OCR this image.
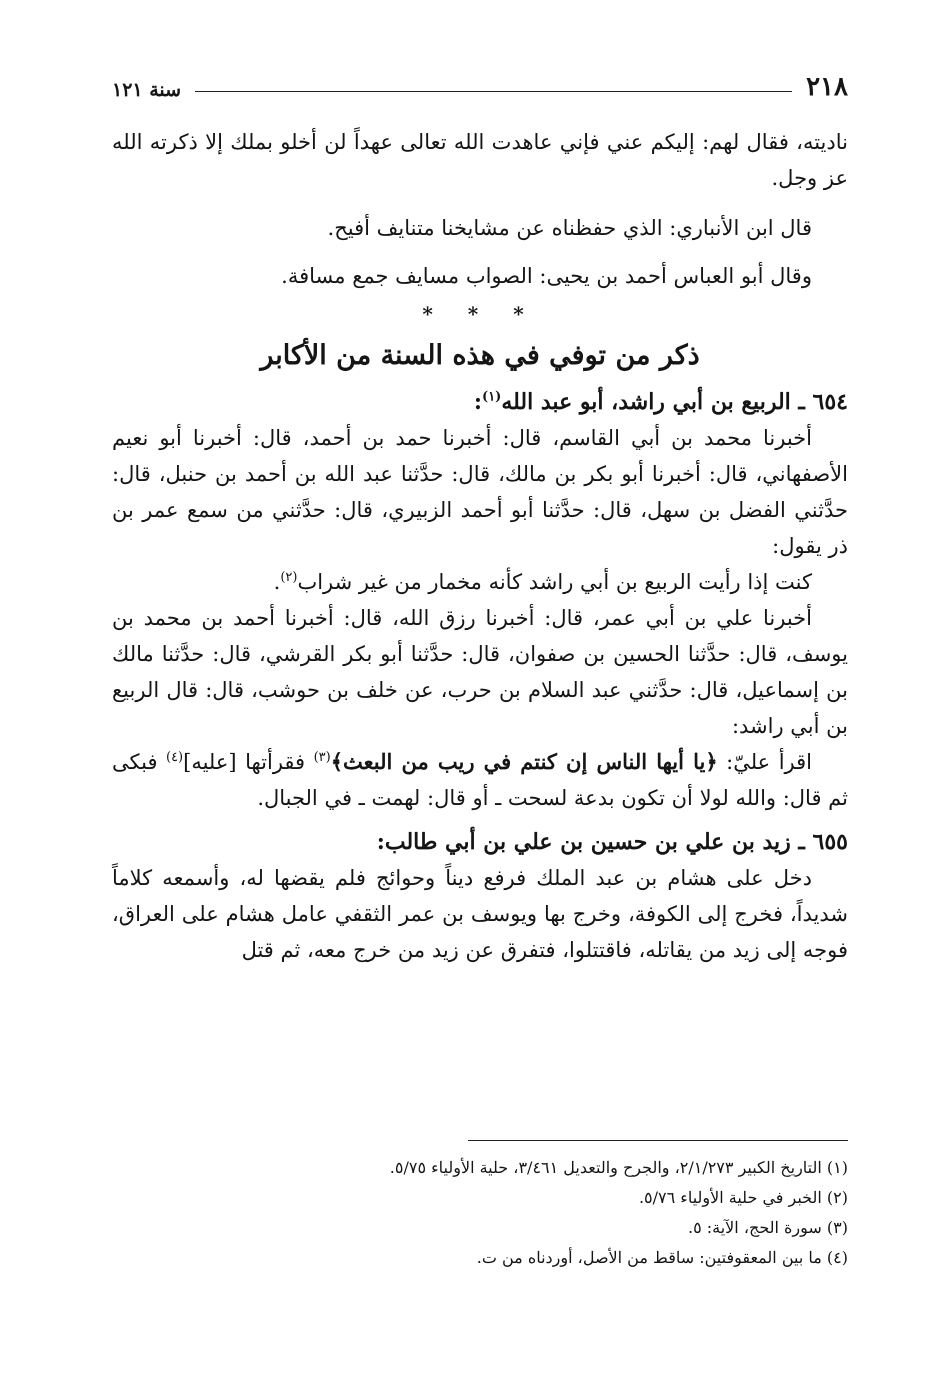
٢١٨
سنة ١٢١

ناديته، فقال لهم: إليكم عني فإني عاهدت الله تعالى عهداً لن أخلو بملك إلا ذكرته الله عز وجل.

قال ابن الأنباري: الذي حفظناه عن مشايخنا متنايف أفيح.

وقال أبو العباس أحمد بن يحيى: الصواب مسايف جمع مسافة.

* * *
ذكر من توفي في هذه السنة من الأكابر

٦٥٤ ـ الربيع بن أبي راشد، أبو عبد الله$^{(١)}$:

أخبرنا محمد بن أبي القاسم، قال: أخبرنا حمد بن أحمد، قال: أخبرنا أبو نعيم الأصفهاني، قال: أخبرنا أبو بكر بن مالك، قال: حدَّثنا عبد الله بن أحمد بن حنبل، قال: حدَّثني الفضل بن سهل، قال: حدَّثنا أبو أحمد الزبيري، قال: حدَّثني من سمع عمر بن ذر يقول:

كنت إذا رأيت الربيع بن أبي راشد كأنه مخمار من غير شراب$^{(٢)}$.

أخبرنا علي بن أبي عمر، قال: أخبرنا رزق الله، قال: أخبرنا أحمد بن محمد بن يوسف، قال: حدَّثنا الحسين بن صفوان، قال: حدَّثنا أبو بكر القرشي، قال: حدَّثنا مالك بن إسماعيل، قال: حدَّثني عبد السلام بن حرب، عن خلف بن حوشب، قال: قال الربيع بن أبي راشد:

اقرأ عليّ: ﴿يا أيها الناس إن كنتم في ريب من البعث﴾$^{(٣)}$ فقرأتها [عليه]$^{(٤)}$ فبكى ثم قال: والله لولا أن تكون بدعة لسحت ـ أو قال: لهمت ـ في الجبال.

٦٥٥ ـ زيد بن علي بن حسين بن علي بن أبي طالب:

دخل على هشام بن عبد الملك فرفع ديناً وحوائج فلم يقضها له، وأسمعه كلاماً شديداً، فخرج إلى الكوفة، وخرج بها ويوسف بن عمر الثقفي عامل هشام على العراق، فوجه إلى زيد من يقاتله، فاقتتلوا، فتفرق عن زيد من خرج معه، ثم قتل

(١) التاريخ الكبير ٢/١/٢٧٣، والجرح والتعديل ٣/٤٦١، حلية الأولياء ٥/٧٥.

(٢) الخبر في حلية الأولياء ٥/٧٦.

(٣) سورة الحج، الآية: ٥.

(٤) ما بين المعقوفتين: ساقط من الأصل، أوردناه من ت.
